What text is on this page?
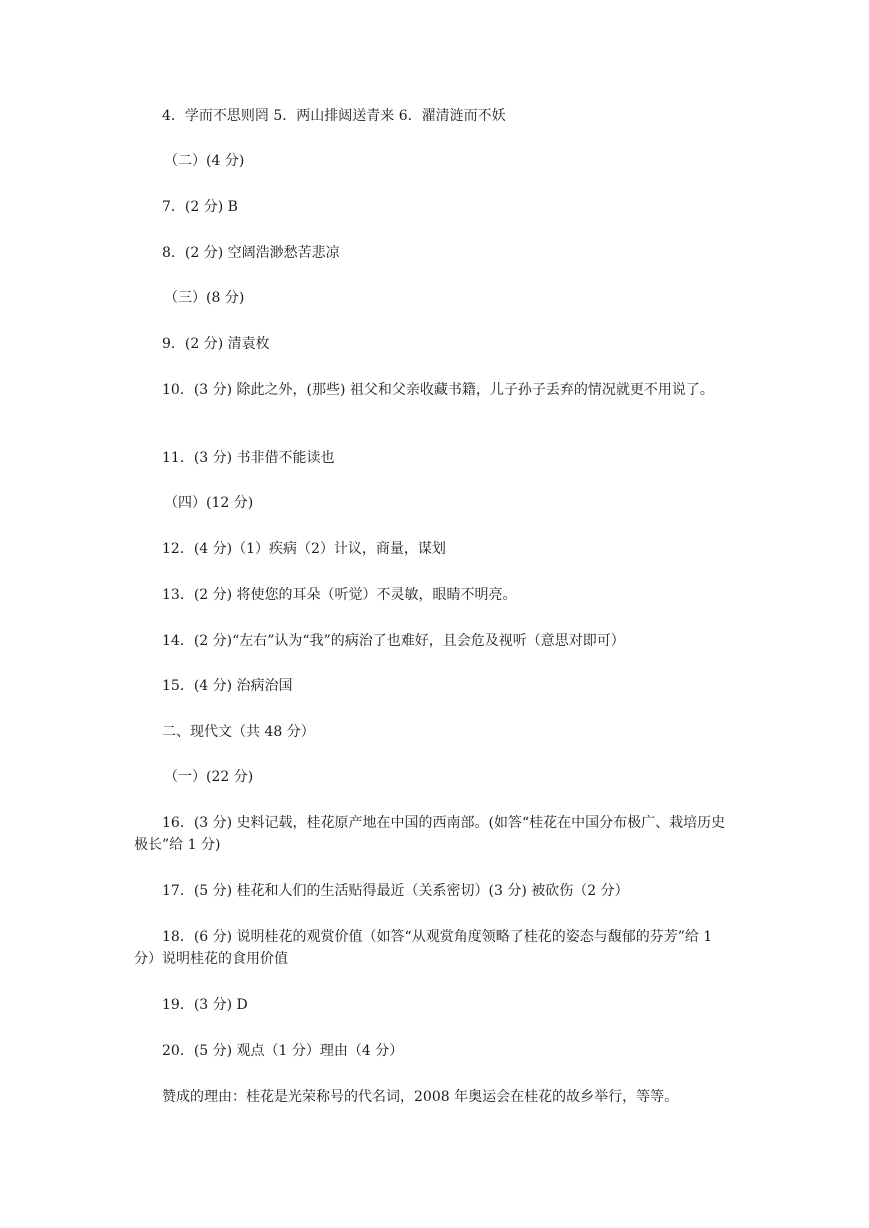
4．学而不思则罔 5．两山排闼送青来 6．濯清涟而不妖
（二）(4 分)
7．(2 分) B
8．(2 分) 空阔浩渺愁苦悲凉
（三）(8 分)
9．(2 分) 清袁枚
10．(3 分) 除此之外，(那些) 祖父和父亲收藏书籍，儿子孙子丢弃的情况就更不用说了。
11．(3 分) 书非借不能读也
（四）(12 分)
12．(4 分)（1）疾病（2）计议，商量，谋划
13．(2 分) 将使您的耳朵（听觉）不灵敏，眼睛不明亮。
14．(2 分)“左右”认为“我”的病治了也难好，且会危及视听（意思对即可）
15．(4 分) 治病治国
二、现代文（共 48 分）
（一）(22 分)
16．(3 分) 史料记载，桂花原产地在中国的西南部。(如答“桂花在中国分布极广、栽培历史极长”给 1 分)
17．(5 分) 桂花和人们的生活贴得最近（关系密切）(3 分) 被砍伤（2 分）
18．(6 分) 说明桂花的观赏价值（如答“从观赏角度领略了桂花的姿态与馥郁的芬芳”给 1 分）说明桂花的食用价值
19．(3 分) D
20．(5 分) 观点（1 分）理由（4 分）
赞成的理由：桂花是光荣称号的代名词，2008 年奥运会在桂花的故乡举行，等等。
